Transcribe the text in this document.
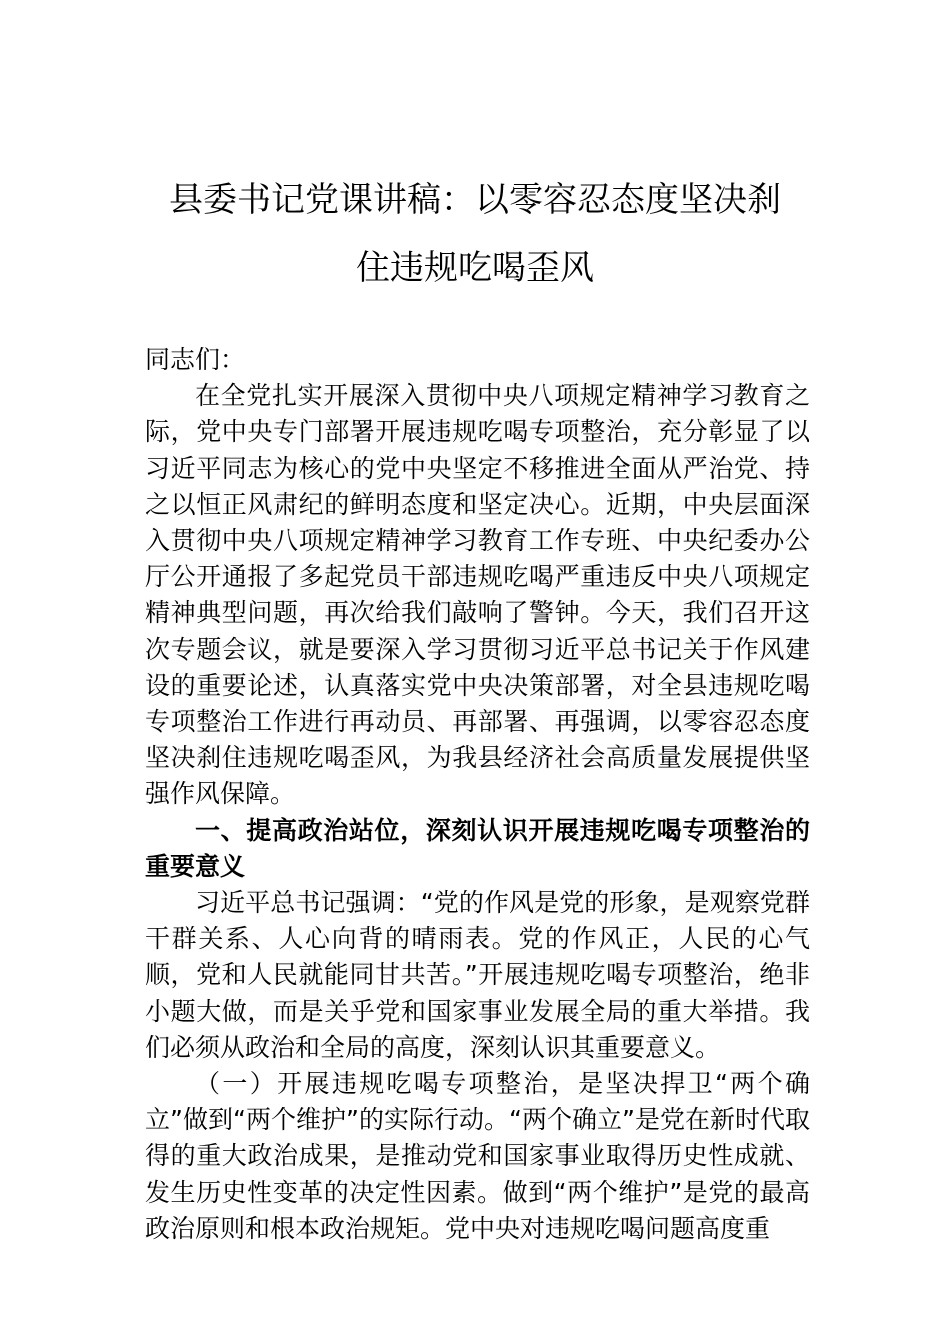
县委书记党课讲稿：以零容忍态度坚决刹
住违规吃喝歪风

同志们：

在全党扎实开展深入贯彻中央八项规定精神学习教育之际，党中央专门部署开展违规吃喝专项整治，充分彰显了以习近平同志为核心的党中央坚定不移推进全面从严治党、持之以恒正风肃纪的鲜明态度和坚定决心。近期，中央层面深入贯彻中央八项规定精神学习教育工作专班、中央纪委办公厅公开通报了多起党员干部违规吃喝严重违反中央八项规定精神典型问题，再次给我们敲响了警钟。今天，我们召开这次专题会议，就是要深入学习贯彻习近平总书记关于作风建设的重要论述，认真落实党中央决策部署，对全县违规吃喝专项整治工作进行再动员、再部署、再强调，以零容忍态度坚决刹住违规吃喝歪风，为我县经济社会高质量发展提供坚强作风保障。

一、提高政治站位，深刻认识开展违规吃喝专项整治的重要意义

习近平总书记强调：“党的作风是党的形象，是观察党群干群关系、人心向背的晴雨表。党的作风正，人民的心气顺，党和人民就能同甘共苦。”开展违规吃喝专项整治，绝非小题大做，而是关乎党和国家事业发展全局的重大举措。我们必须从政治和全局的高度，深刻认识其重要意义。

（一）开展违规吃喝专项整治，是坚决捍卫“两个确立”做到“两个维护”的实际行动。“两个确立”是党在新时代取得的重大政治成果，是推动党和国家事业取得历史性成就、发生历史性变革的决定性因素。做到“两个维护”是党的最高政治原则和根本政治规矩。党中央对违规吃喝问题高度重
